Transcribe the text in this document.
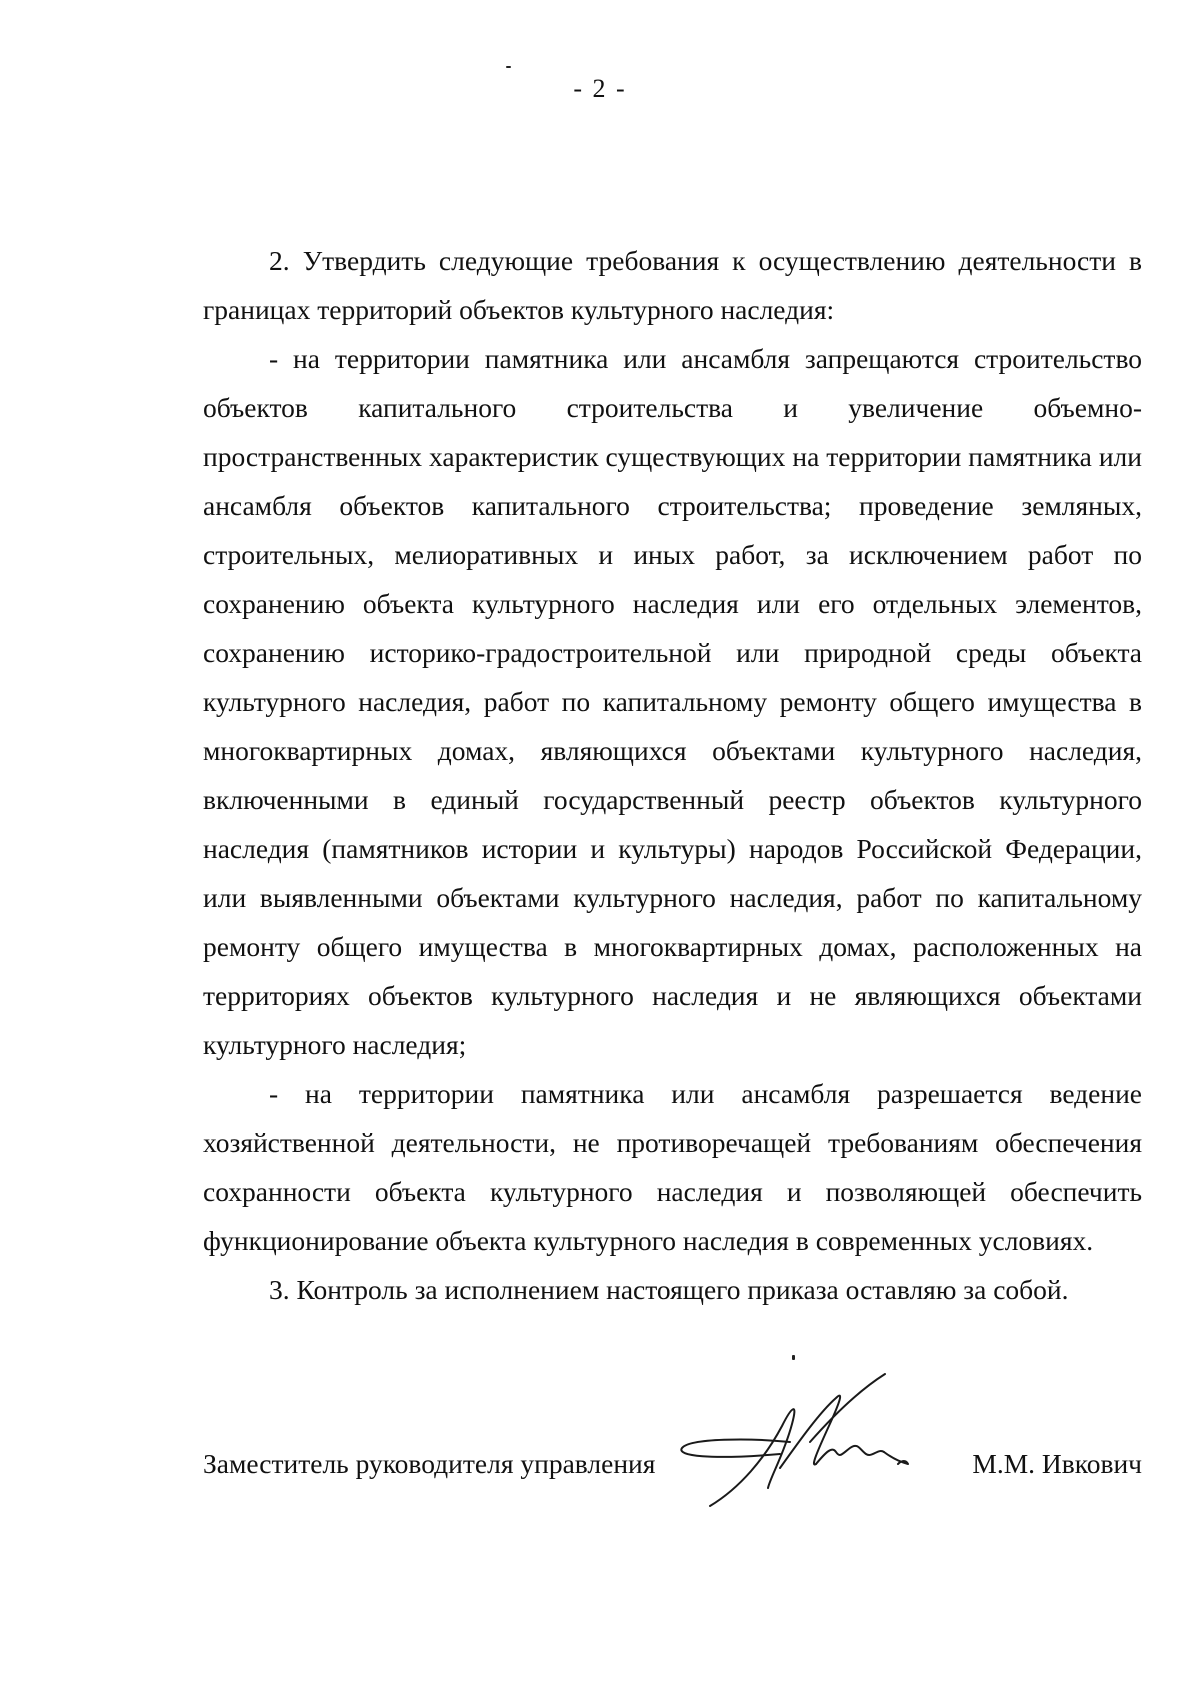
- 2 -

2. Утвердить следующие требования к осуществлению деятельности в границах территорий объектов культурного наследия:

- на территории памятника или ансамбля запрещаются строительство объектов капитального строительства и увеличение объемно-пространственных характеристик существующих на территории памятника или ансамбля объектов капитального строительства; проведение земляных, строительных, мелиоративных и иных работ, за исключением работ по сохранению объекта культурного наследия или его отдельных элементов, сохранению историко-градостроительной или природной среды объекта культурного наследия, работ по капитальному ремонту общего имущества в многоквартирных домах, являющихся объектами культурного наследия, включенными в единый государственный реестр объектов культурного наследия (памятников истории и культуры) народов Российской Федерации, или выявленными объектами культурного наследия, работ по капитальному ремонту общего имущества в многоквартирных домах, расположенных на территориях объектов культурного наследия и не являющихся объектами культурного наследия;

- на территории памятника или ансамбля разрешается ведение хозяйственной деятельности, не противоречащей требованиям обеспечения сохранности объекта культурного наследия и позволяющей обеспечить функционирование объекта культурного наследия в современных условиях.

3. Контроль за исполнением настоящего приказа оставляю за собой.

Заместитель руководителя управления	М.М. Ивкович
